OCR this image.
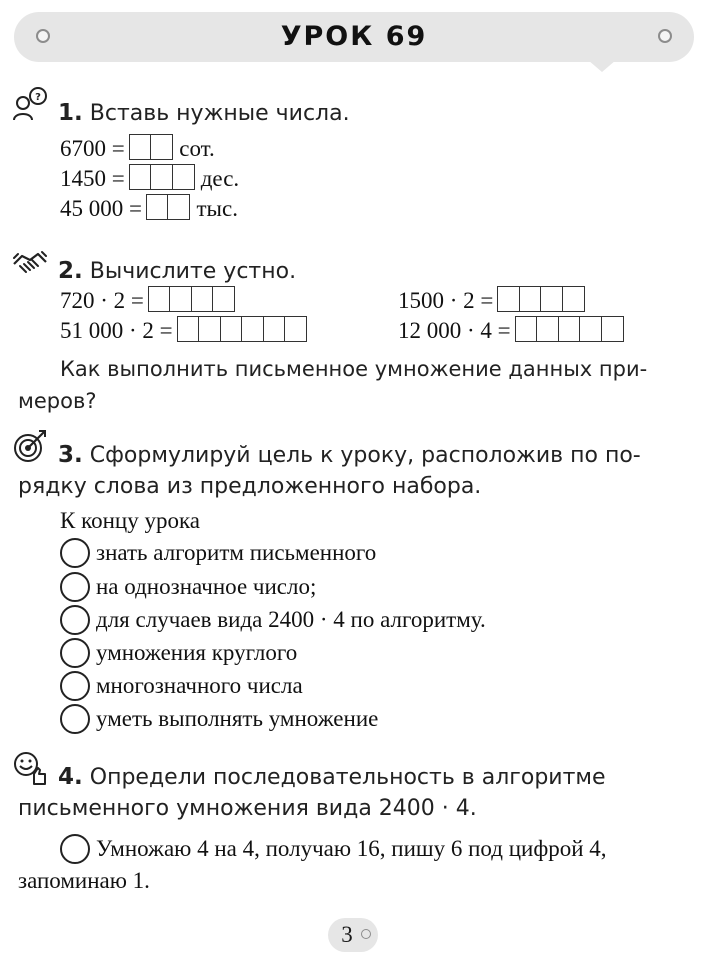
УРОК 69
?
1. Вставь нужные числа.
6700 = сот.
1450 =	дес.
45 000 = тыс.
2. Вычислите устно.
720 · 2 =	1500 · 2 =
51 000 · 2 =	12 000 · 4 =
Как выполнить письменное умножение данных при-
меров?
3. Сформулируй цель к уроку, расположив по по-
рядку слова из предложенного набора.
К концу урока
знать алгоритм письменного
на однозначное число;
для случаев вида 2400 · 4 по алгоритму.
умножения круглого
многозначного числа
уметь выполнять умножение
4. Определи последовательность в алгоритме
письменного умножения вида 2400 · 4.
Умножаю 4 на 4, получаю 16, пишу 6 под цифрой 4,
запоминаю 1.
3
